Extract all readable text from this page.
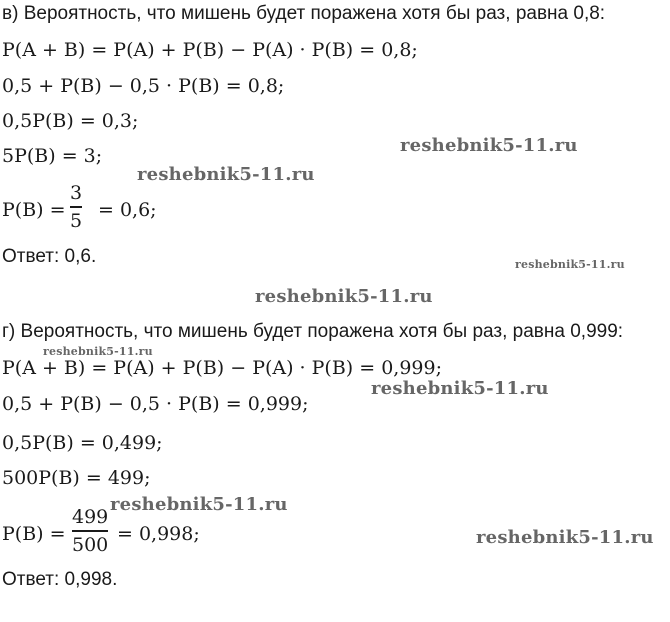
в) Вероятность, что мишень будет поражена хотя бы раз, равна 0,8:
P(A + B) = P(A) + P(B) − P(A) · P(B) = 0,8;
0,5 + P(B) − 0,5 · P(B) = 0,8;
0,5P(B) = 0,3;
5P(B) = 3;
P(B) =
3
5 = 0,6;
Ответ: 0,6.
г) Вероятность, что мишень будет поражена хотя бы раз, равна 0,999:
P(A + B) = P(A) + P(B) − P(A) · P(B) = 0,999;
0,5 + P(B) − 0,5 · P(B) = 0,999;
0,5P(B) = 0,499;
500P(B) = 499;
P(B) =
499
500 = 0,998;
Ответ: 0,998.
reshebnik5-11.ru
reshebnik5-11.ru
reshebnik5-11.ru
reshebnik5-11.ru
reshebnik5-11.ru
reshebnik5-11.ru
reshebnik5-11.ru
reshebnik5-11.ru
